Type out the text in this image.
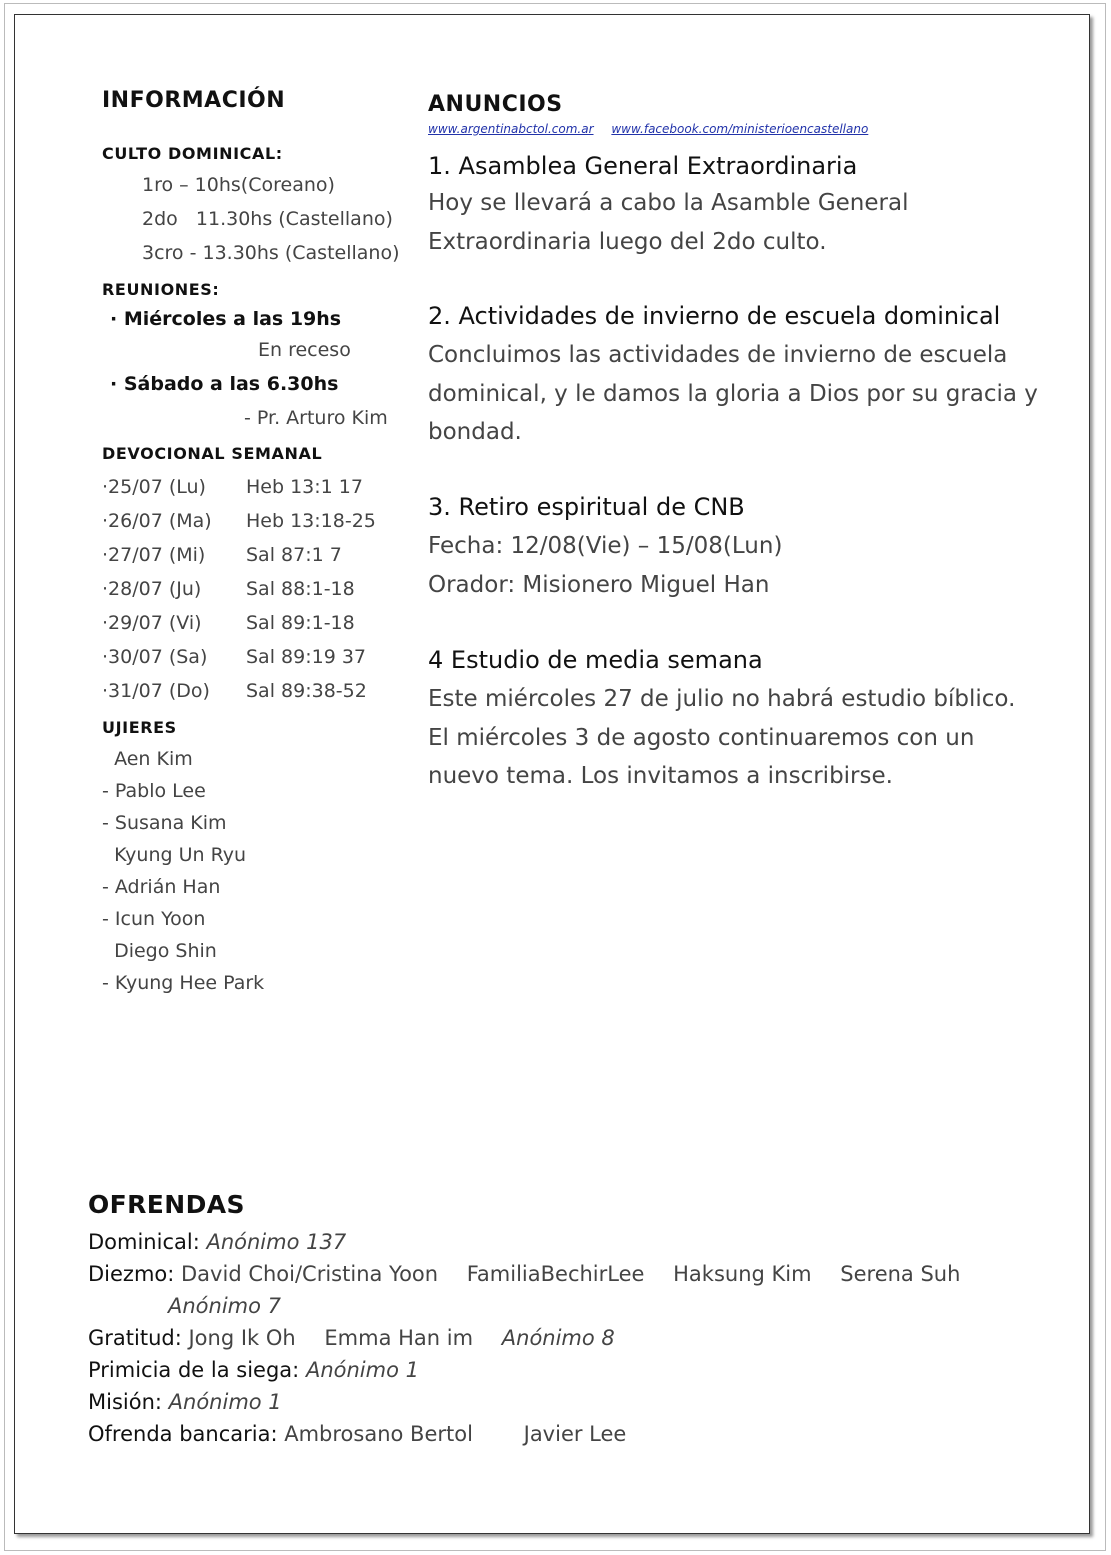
INFORMACIÓN
CULTO DOMINICAL:
1ro – 10hs(Coreano)
2do   11.30hs (Castellano)
3cro - 13.30hs (Castellano)
REUNIONES:
· Miércoles a las 19hs
En receso
· Sábado a las 6.30hs
- Pr. Arturo Kim
DEVOCIONAL SEMANAL
·25/07 (Lu) Heb 13:1 17
·26/07 (Ma) Heb 13:18-25
·27/07 (Mi) Sal 87:1 7
·28/07 (Ju) Sal 88:1-18
·29/07 (Vi) Sal 89:1-18
·30/07 (Sa) Sal 89:19 37
·31/07 (Do) Sal 89:38-52
UJIERES
Aen Kim
- Pablo Lee
- Susana Kim
Kyung Un Ryu
- Adrián Han
- Icun Yoon
Diego Shin
- Kyung Hee Park
ANUNCIOS
www.argentinabctol.com.ar www.facebook.com/ministerioencastellano
1. Asamblea General Extraordinaria
Hoy se llevará a cabo la Asamble General Extraordinaria luego del 2do culto.
2. Actividades de invierno de escuela dominical
Concluimos las actividades de invierno de escuela dominical, y le damos la gloria a Dios por su gracia y bondad.
3. Retiro espiritual de CNB
Fecha: 12/08(Vie) – 15/08(Lun)
Orador: Misionero Miguel Han
4 Estudio de media semana
Este miércoles 27 de julio no habrá estudio bíblico.
El miércoles 3 de agosto continuaremos con un nuevo tema. Los invitamos a inscribirse.
OFRENDAS
Dominical: Anónimo 137
Diezmo: David Choi/Cristina Yoon FamiliaBechirLee Haksung Kim Serena Suh
Anónimo 7
Gratitud: Jong Ik Oh Emma Han im Anónimo 8
Primicia de la siega: Anónimo 1
Misión: Anónimo 1
Ofrenda bancaria: Ambrosano Bertol Javier Lee
